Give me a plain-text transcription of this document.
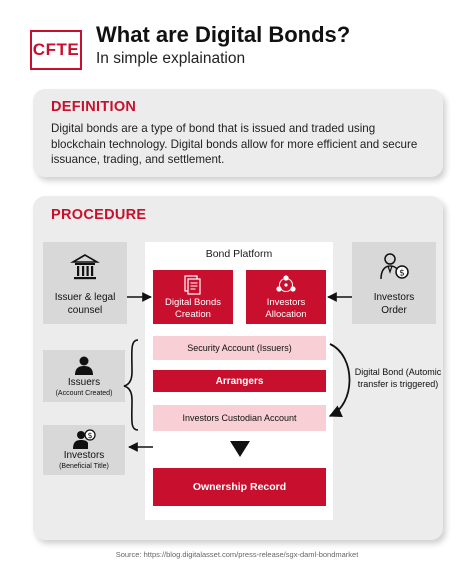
CFTE
What are Digital Bonds?
In simple explaination
DEFINITION
Digital bonds are a type of bond that is issued and traded using blockchain technology. Digital bonds allow for more efficient and secure issuance, trading, and settlement.
PROCEDURE
Issuer & legal counsel
$
Investors Order
Issuers
(Account Created)
$
Investors
(Beneficial Title)
Bond Platform
Digital Bonds Creation
Investors Allocation
Security Account (Issuers)
Arrangers
Investors Custodian Account
Ownership Record
Digital Bond (Automic transfer is triggered)
Source: https://blog.digitalasset.com/press-release/sgx-daml-bondmarket
